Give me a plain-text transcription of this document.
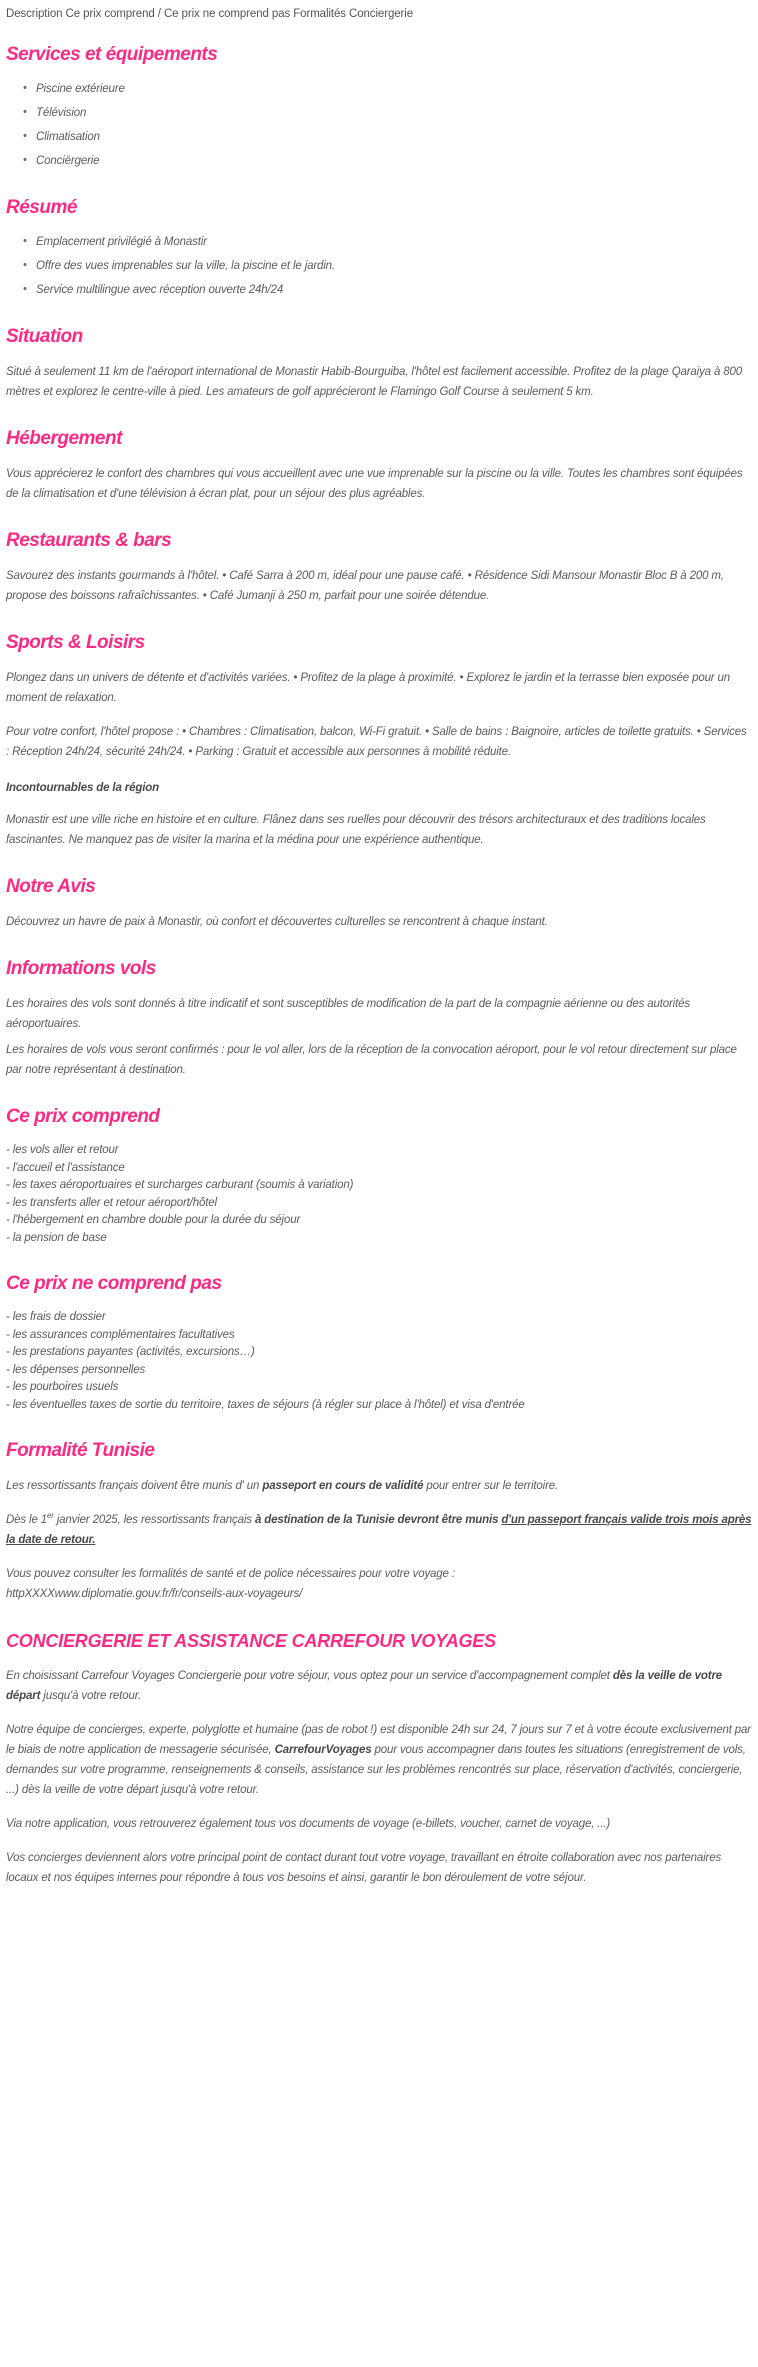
Description Ce prix comprend / Ce prix ne comprend pas Formalités Conciergerie
Services et équipements
• Piscine extérieure
• Télévision
• Climatisation
• Conciërgerie
Résumé
• Emplacement privilégié à Monastir
• Offre des vues imprenables sur la ville, la piscine et le jardin.
• Service multilingue avec réception ouverte 24h/24
Situation

Situé à seulement 11 km de l'aéroport international de Monastir Habib-Bourguiba, l'hôtel est facilement accessible. Profitez de la plage Qaraiya à 800 mètres et explorez le centre-ville à pied. Les amateurs de golf apprécieront le Flamingo Golf Course à seulement 5 km.

Hébergement

Vous apprécierez le confort des chambres qui vous accueillent avec une vue imprenable sur la piscine ou la ville. Toutes les chambres sont équipées de la climatisation et d'une télévision à écran plat, pour un séjour des plus agréables.

Restaurants & bars

Savourez des instants gourmands à l'hôtel. • Café Sarra à 200 m, idéal pour une pause café. • Résidence Sidi Mansour Monastir Bloc B à 200 m, propose des boissons rafraîchissantes. • Café Jumanji à 250 m, parfait pour une soirée détendue.

Sports & Loisirs

Plongez dans un univers de détente et d'activités variées. • Profitez de la plage à proximité. • Explorez le jardin et la terrasse bien exposée pour un moment de relaxation.

Pour votre confort, l'hôtel propose : • Chambres : Climatisation, balcon, Wi-Fi gratuit. • Salle de bains : Baignoire, articles de toilette gratuits. • Services : Réception 24h/24, sécurité 24h/24. • Parking : Gratuit et accessible aux personnes à mobilité réduite.

Incontournables de la région

Monastir est une ville riche en histoire et en culture. Flânez dans ses ruelles pour découvrir des trésors architecturaux et des traditions locales fascinantes. Ne manquez pas de visiter la marina et la médina pour une expérience authentique.

Notre Avis

Découvrez un havre de paix à Monastir, où confort et découvertes culturelles se rencontrent à chaque instant.

Informations vols

Les horaires des vols sont donnés à titre indicatif et sont susceptibles de modification de la part de la compagnie aérienne ou des autorités aéroportuaires.

Les horaires de vols vous seront confirmés : pour le vol aller, lors de la réception de la convocation aéroport, pour le vol retour directement sur place par notre représentant à destination.

Ce prix comprend

- les vols aller et retour

- l'accueil et l'assistance

- les taxes aéroportuaires et surcharges carburant (soumis à variation)

- les transferts aller et retour aéroport/hôtel

- l'hébergement en chambre double pour la durée du séjour

- la pension de base

Ce prix ne comprend pas

- les frais de dossier

- les assurances complémentaires facultatives

- les prestations payantes (activités, excursions…)

- les dépenses personnelles

- les pourboires usuels

- les éventuelles taxes de sortie du territoire, taxes de séjours (à régler sur place à l'hôtel) et visa d'entrée

Formalité Tunisie

Les ressortissants français doivent être munis d' un passeport en cours de validité pour entrer sur le territoire.

Dès le 1er janvier 2025, les ressortissants français à destination de la Tunisie devront être munis d'un passeport français valide trois mois après la date de retour.

Vous pouvez consulter les formalités de santé et de police nécessaires pour votre voyage :
httpXXXXwww.diplomatie.gouv.fr/fr/conseils-aux-voyageurs/

CONCIERGERIE ET ASSISTANCE CARREFOUR VOYAGES

En choisissant Carrefour Voyages Conciergerie pour votre séjour, vous optez pour un service d'accompagnement complet dès la veille de votre départ jusqu'à votre retour.

Notre équipe de concierges, experte, polyglotte et humaine (pas de robot !) est disponible 24h sur 24, 7 jours sur 7 et à votre écoute exclusivement par le biais de notre application de messagerie sécurisée, CarrefourVoyages pour vous accompagner dans toutes les situations (enregistrement de vols, demandes sur votre programme, renseignements & conseils, assistance sur les problèmes rencontrés sur place, réservation d'activités, conciergerie, ...) dès la veille de votre départ jusqu'à votre retour.

Via notre application, vous retrouverez également tous vos documents de voyage (e-billets, voucher, carnet de voyage, ...)

Vos concierges deviennent alors votre principal point de contact durant tout votre voyage, travaillant en étroite collaboration avec nos partenaires locaux et nos équipes internes pour répondre à tous vos besoins et ainsi, garantir le bon déroulement de votre séjour.
